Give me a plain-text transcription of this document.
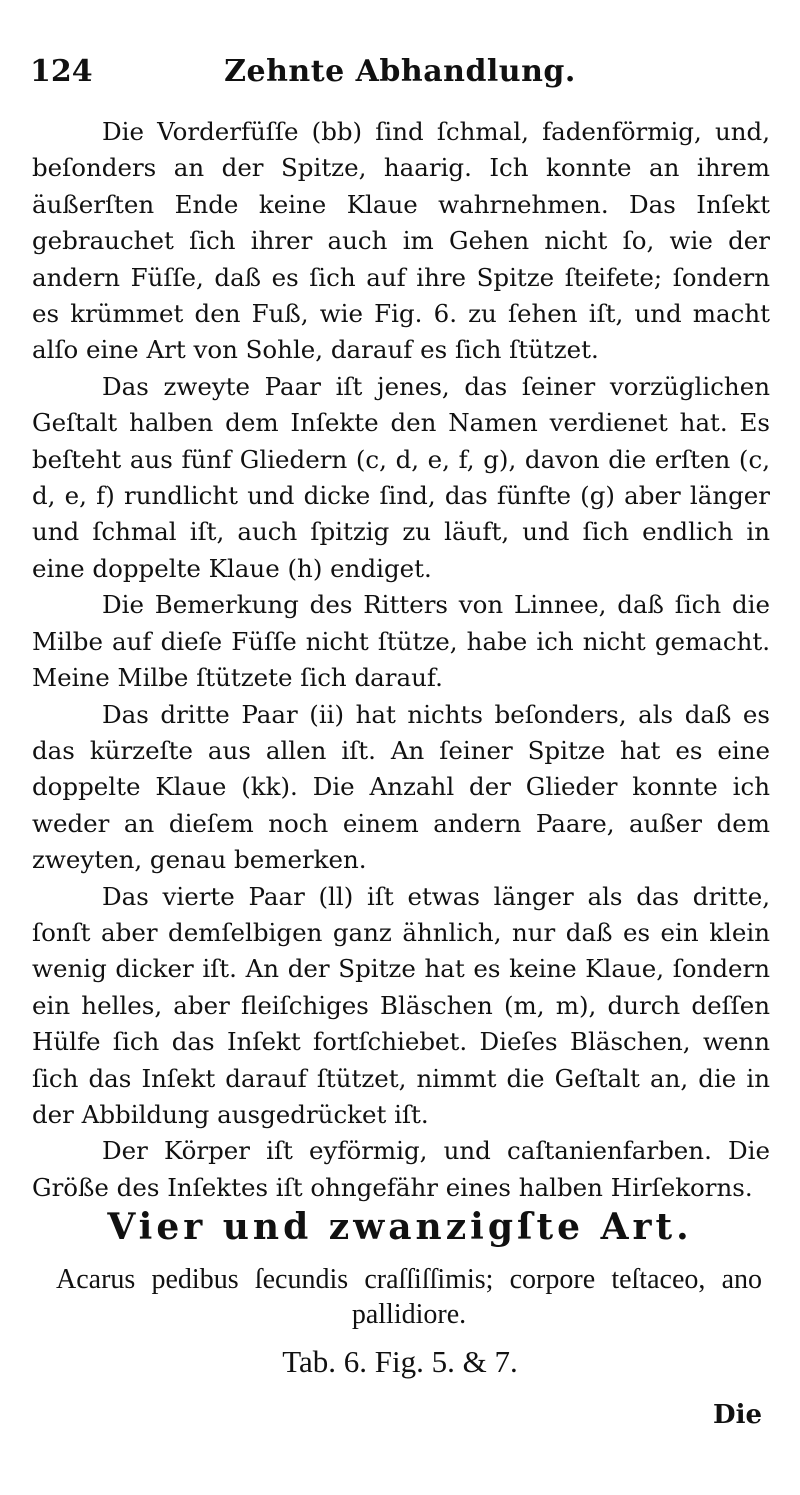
124	Zehnte Abhandlung.

Die Vorderfüſſe (bb) ſind ſchmal, fadenförmig, und, beſonders an der Spitze, haarig. Ich konnte an ihrem äußerſten Ende keine Klaue wahrnehmen. Das Inſekt gebrauchet ſich ihrer auch im Gehen nicht ſo, wie der andern Füſſe, daß es ſich auf ihre Spitze ſteifete; ſondern es krümmet den Fuß, wie Fig. 6. zu ſehen iſt, und macht alſo eine Art von Sohle, darauf es ſich ſtützet.

Das zweyte Paar iſt jenes, das ſeiner vorzüglichen Geſtalt halben dem Inſekte den Namen verdienet hat. Es beſteht aus fünf Gliedern (c, d, e, f, g), davon die erſten (c, d, e, f) rundlicht und dicke ſind, das fünfte (g) aber länger und ſchmal iſt, auch ſpitzig zu läuft, und ſich endlich in eine doppelte Klaue (h) endiget.

Die Bemerkung des Ritters von Linnee, daß ſich die Milbe auf dieſe Füſſe nicht ſtütze, habe ich nicht gemacht. Meine Milbe ſtützete ſich darauf.

Das dritte Paar (ii) hat nichts beſonders, als daß es das kürzeſte aus allen iſt. An ſeiner Spitze hat es eine doppelte Klaue (kk). Die Anzahl der Glieder konnte ich weder an dieſem noch einem andern Paare, außer dem zweyten, genau bemerken.

Das vierte Paar (ll) iſt etwas länger als das dritte, ſonſt aber demſelbigen ganz ähnlich, nur daß es ein klein wenig dicker iſt. An der Spitze hat es keine Klaue, ſondern ein helles, aber fleiſchiges Bläschen (m, m), durch deſſen Hülfe ſich das Inſekt fortſchiebet. Dieſes Bläschen, wenn ſich das Inſekt darauf ſtützet, nimmt die Geſtalt an, die in der Abbildung ausgedrücket iſt.

Der Körper iſt eyförmig, und caſtanienfarben. Die Größe des Inſektes iſt ohngefähr eines halben Hirſekorns.

Vier und zwanzigſte Art.
Acarus pedibus ſecundis craſſiſſimis; corpore teſtaceo, ano pallidiore.
Tab. 6. Fig. 5. & 7.
Die
